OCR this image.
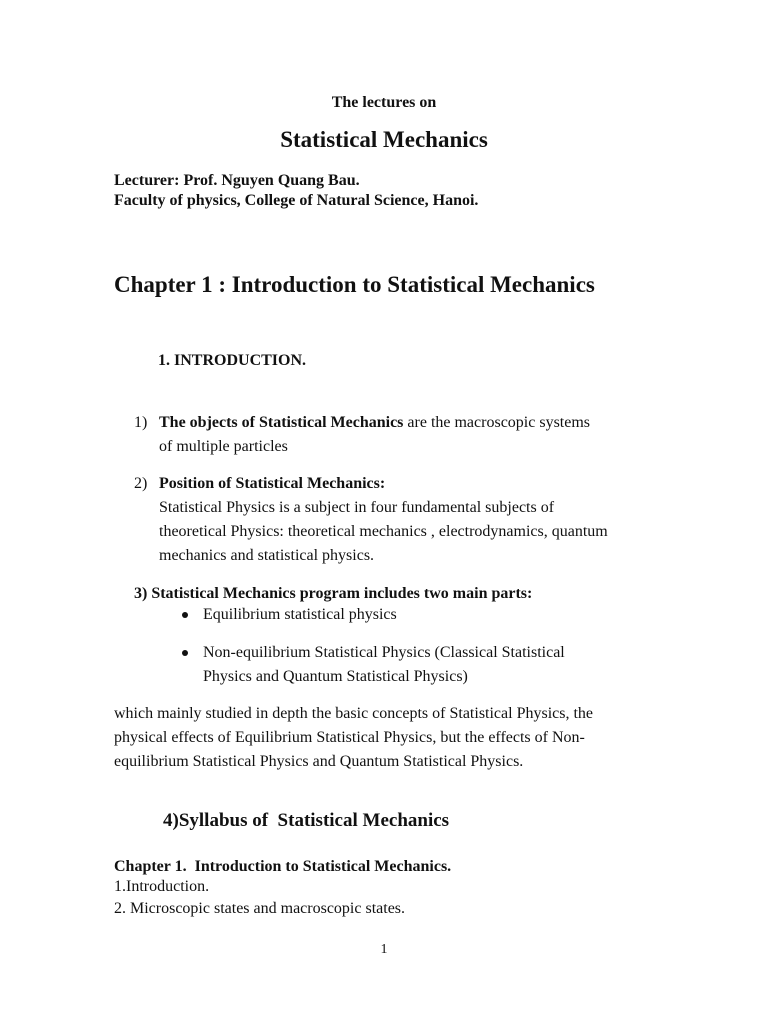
The lectures on
Statistical Mechanics
Lecturer: Prof. Nguyen Quang Bau.
Faculty of physics, College of Natural Science, Hanoi.
Chapter 1 : Introduction to Statistical Mechanics
1. INTRODUCTION.
1) The objects of Statistical Mechanics are the macroscopic systems
of multiple particles
2) Position of Statistical Mechanics:
Statistical Physics is a subject in four fundamental subjects of
theoretical Physics: theoretical mechanics , electrodynamics, quantum
mechanics and statistical physics.
3) Statistical Mechanics program includes two main parts:
Equilibrium statistical physics
Non-equilibrium Statistical Physics (Classical Statistical
Physics and Quantum Statistical Physics)
which mainly studied in depth the basic concepts of Statistical Physics, the
physical effects of Equilibrium Statistical Physics, but the effects of Non-
equilibrium Statistical Physics and Quantum Statistical Physics.
4)Syllabus of  Statistical Mechanics
Chapter 1.  Introduction to Statistical Mechanics.
1.Introduction.
2. Microscopic states and macroscopic states.
1
